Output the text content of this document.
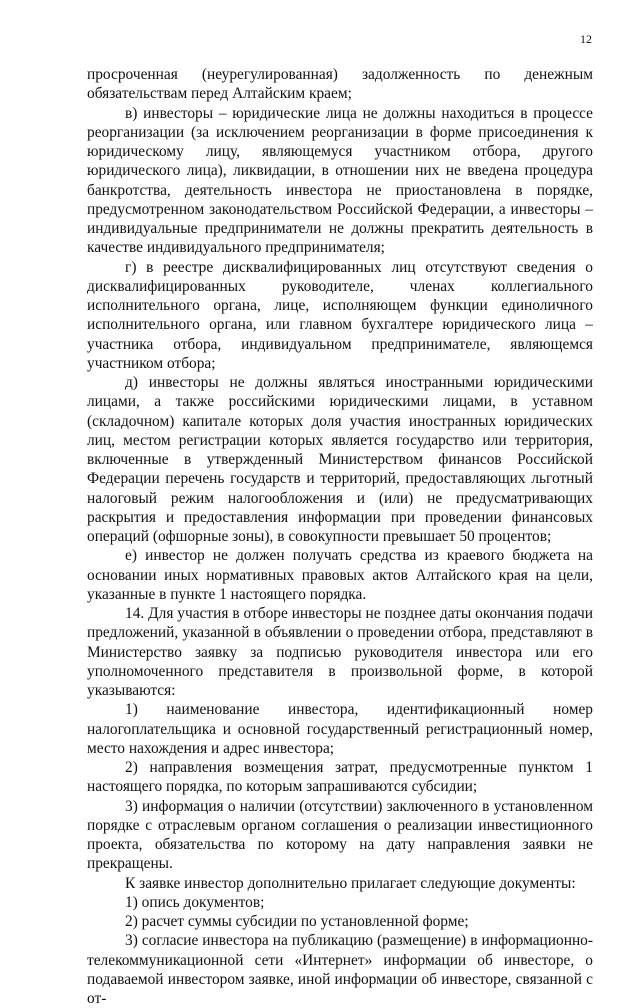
12

просроченная (неурегулированная) задолженность по денежным обязательствам перед Алтайским краем;

в) инвесторы – юридические лица не должны находиться в процессе реорганизации (за исключением реорганизации в форме присоединения к юридическому лицу, являющемуся участником отбора, другого юридического лица), ликвидации, в отношении них не введена процедура банкротства, деятельность инвестора не приостановлена в порядке, предусмотренном законодательством Российской Федерации, а инвесторы – индивидуальные предприниматели не должны прекратить деятельность в качестве индивидуального предпринимателя;

г) в реестре дисквалифицированных лиц отсутствуют сведения о дисквалифицированных руководителе, членах коллегиального исполнительного органа, лице, исполняющем функции единоличного исполнительного органа, или главном бухгалтере юридического лица – участника отбора, индивидуальном предпринимателе, являющемся участником отбора;

д) инвесторы не должны являться иностранными юридическими лицами, а также российскими юридическими лицами, в уставном (складочном) капитале которых доля участия иностранных юридических лиц, местом регистрации которых является государство или территория, включенные в утвержденный Министерством финансов Российской Федерации перечень государств и территорий, предоставляющих льготный налоговый режим налогообложения и (или) не предусматривающих раскрытия и предоставления информации при проведении финансовых операций (офшорные зоны), в совокупности превышает 50 процентов;

е) инвестор не должен получать средства из краевого бюджета на основании иных нормативных правовых актов Алтайского края на цели, указанные в пункте 1 настоящего порядка.

14. Для участия в отборе инвесторы не позднее даты окончания подачи предложений, указанной в объявлении о проведении отбора, представляют в Министерство заявку за подписью руководителя инвестора или его уполномоченного представителя в произвольной форме, в которой указываются:

1) наименование инвестора, идентификационный номер налогоплательщика и основной государственный регистрационный номер, место нахождения и адрес инвестора;

2) направления возмещения затрат, предусмотренные пунктом 1 настоящего порядка, по которым запрашиваются субсидии;

3) информация о наличии (отсутствии) заключенного в установленном порядке с отраслевым органом соглашения о реализации инвестиционного проекта, обязательства по которому на дату направления заявки не прекращены.

К заявке инвестор дополнительно прилагает следующие документы:

1) опись документов;

2) расчет суммы субсидии по установленной форме;

3) согласие инвестора на публикацию (размещение) в информационно-телекоммуникационной сети «Интернет» информации об инвесторе, о подаваемой инвестором заявке, иной информации об инвесторе, связанной с от-
